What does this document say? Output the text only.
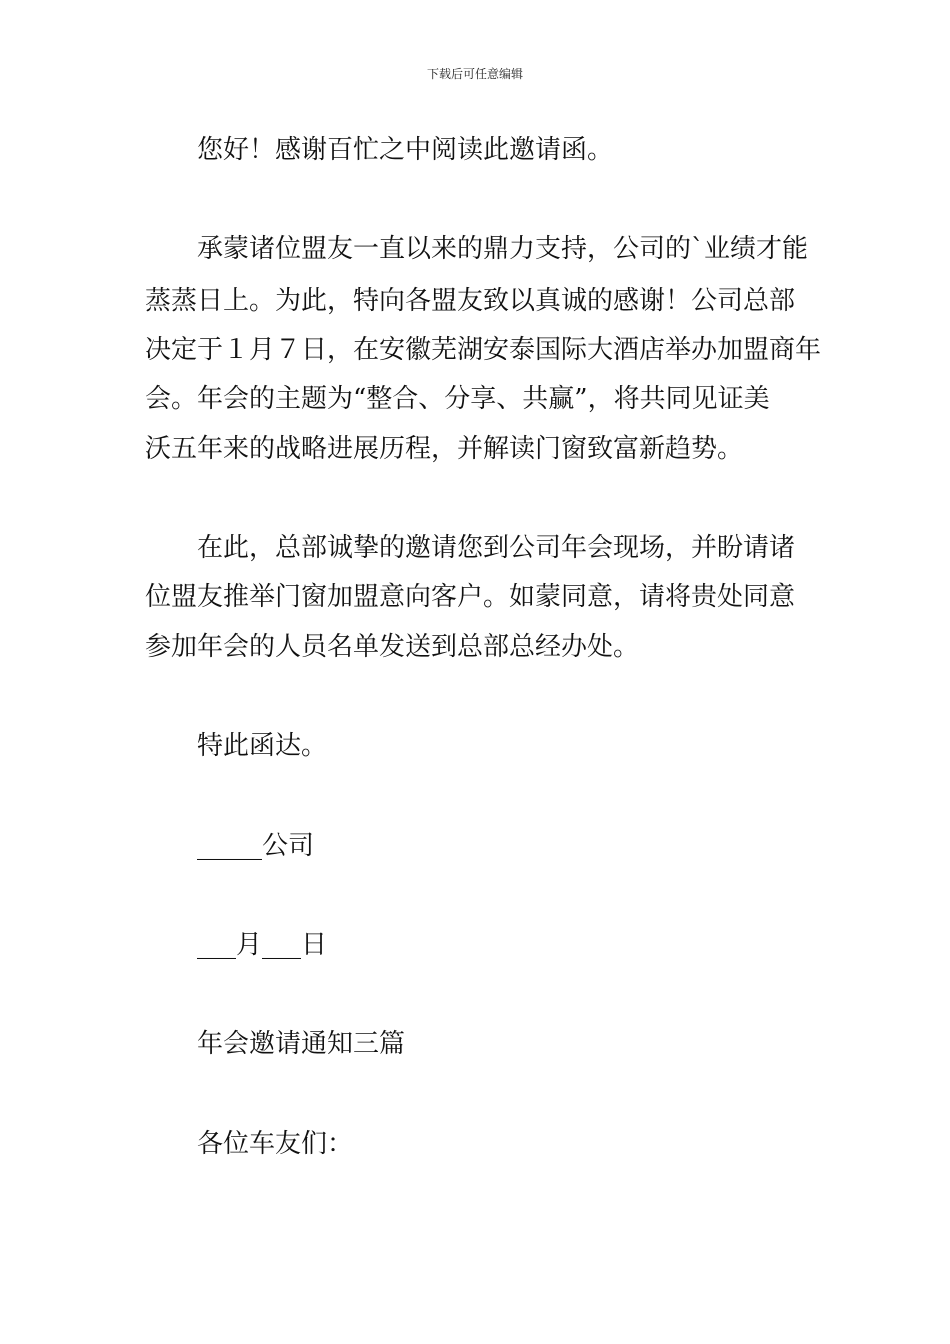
下载后可任意编辑
您好！感谢百忙之中阅读此邀请函。
承蒙诸位盟友一直以来的鼎力支持，公司的`业绩才能
蒸蒸日上。为此，特向各盟友致以真诚的感谢！公司总部
决定于１月７日，在安徽芜湖安泰国际大酒店举办加盟商年
会。年会的主题为“整合、分享、共赢”，将共同见证美
沃五年来的战略进展历程，并解读门窗致富新趋势。
在此，总部诚挚的邀请您到公司年会现场，并盼请诸
位盟友推举门窗加盟意向客户。如蒙同意，请将贵处同意
参加年会的人员名单发送到总部总经办处。
特此函达。
_____公司
___月___日
年会邀请通知三篇
各位车友们：
